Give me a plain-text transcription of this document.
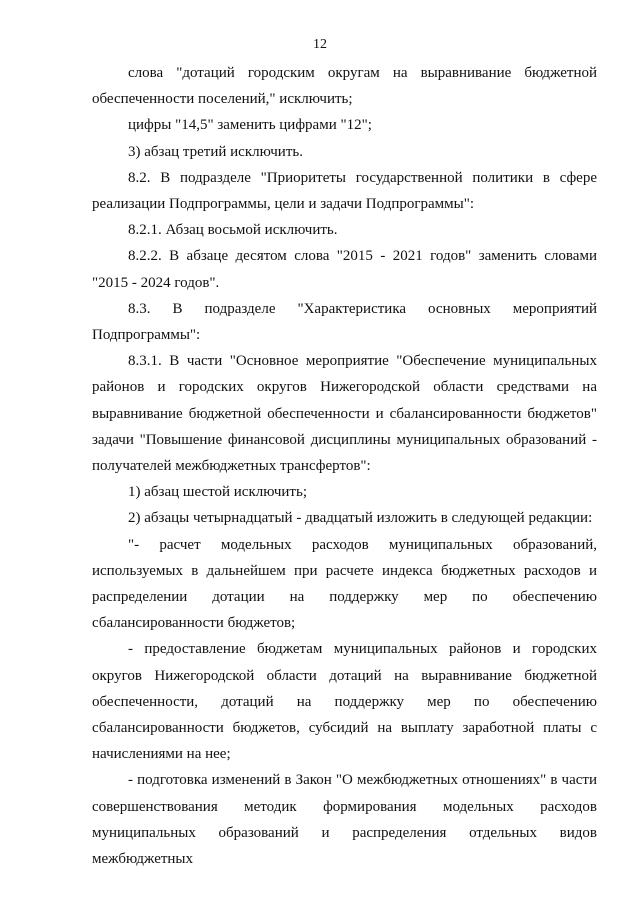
12

слова "дотаций городским округам на выравнивание бюджетной обеспеченности поселений," исключить;

цифры "14,5" заменить цифрами "12";

3) абзац третий исключить.

8.2. В подразделе "Приоритеты государственной политики в сфере реализации Подпрограммы, цели и задачи Подпрограммы":

8.2.1. Абзац восьмой исключить.

8.2.2. В абзаце десятом слова "2015 - 2021 годов" заменить словами "2015 - 2024 годов".

8.3. В подразделе "Характеристика основных мероприятий Подпрограммы":

8.3.1. В части "Основное мероприятие "Обеспечение муниципальных районов и городских округов Нижегородской области средствами на выравнивание бюджетной обеспеченности и сбалансированности бюджетов" задачи "Повышение финансовой дисциплины муниципальных образований - получателей межбюджетных трансфертов":

1) абзац шестой исключить;

2) абзацы четырнадцатый - двадцатый изложить в следующей редакции:

"- расчет модельных расходов муниципальных образований, используемых в дальнейшем при расчете индекса бюджетных расходов и распределении дотации на поддержку мер по обеспечению сбалансированности бюджетов;

- предоставление бюджетам муниципальных районов и городских округов Нижегородской области дотаций на выравнивание бюджетной обеспеченности, дотаций на поддержку мер по обеспечению сбалансированности бюджетов, субсидий на выплату заработной платы с начислениями на нее;

- подготовка изменений в Закон "О межбюджетных отношениях" в части совершенствования методик формирования модельных расходов муниципальных образований и распределения отдельных видов межбюджетных
